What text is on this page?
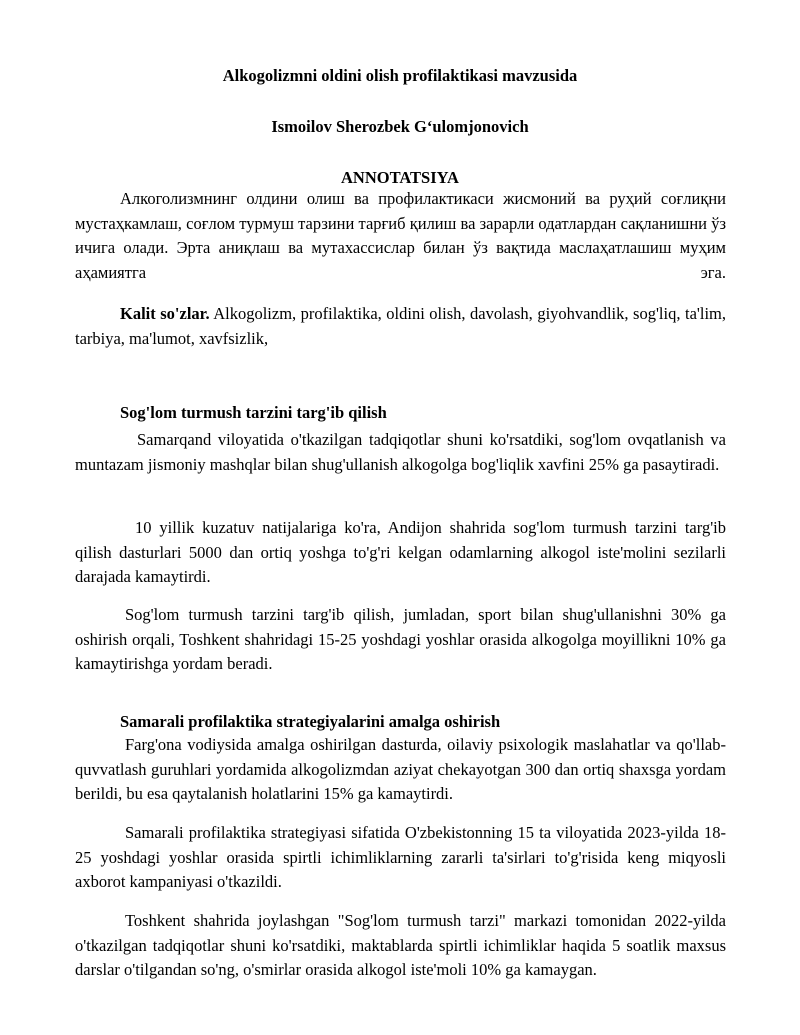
Alkogolizmni oldini olish profilaktikasi mavzusida
Ismoilov Sherozbek G‘ulomjonovich
ANNOTATSIYA

Алкоголизмнинг олдини олиш ва профилактикаси жисмоний ва руҳий соғлиқни мустаҳкамлаш, соғлом турмуш тарзини тарғиб қилиш ва зарарли одатлардан сақланишни ўз ичига олади. Эрта аниқлаш ва мутахассислар билан ўз вақтида маслаҳатлашиш муҳим аҳамиятга эга.

Kalit so'zlar. Alkogolizm, profilaktika, oldini olish, davolash, giyohvandlik, sog'liq, ta'lim, tarbiya, ma'lumot, xavfsizlik,

Sog'lom turmush tarzini targ'ib qilish

Samarqand viloyatida o'tkazilgan tadqiqotlar shuni ko'rsatdiki, sog'lom ovqatlanish va muntazam jismoniy mashqlar bilan shug'ullanish alkogolga bog'liqlik xavfini 25% ga pasaytiradi.

10 yillik kuzatuv natijalariga ko'ra, Andijon shahrida sog'lom turmush tarzini targ'ib qilish dasturlari 5000 dan ortiq yoshga to'g'ri kelgan odamlarning alkogol iste'molini sezilarli darajada kamaytirdi.

Sog'lom turmush tarzini targ'ib qilish, jumladan, sport bilan shug'ullanishni 30% ga oshirish orqali, Toshkent shahridagi 15-25 yoshdagi yoshlar orasida alkogolga moyillikni 10% ga kamaytirishga yordam beradi.

Samarali profilaktika strategiyalarini amalga oshirish

Farg'ona vodiysida amalga oshirilgan dasturda, oilaviy psixologik maslahatlar va qo'llab-quvvatlash guruhlari yordamida alkogolizmdan aziyat chekayotgan 300 dan ortiq shaxsga yordam berildi, bu esa qaytalanish holatlarini 15% ga kamaytirdi.

Samarali profilaktika strategiyasi sifatida O'zbekistonning 15 ta viloyatida 2023-yilda 18-25 yoshdagi yoshlar orasida spirtli ichimliklarning zararli ta'sirlari to'g'risida keng miqyosli axborot kampaniyasi o'tkazildi.

Toshkent shahrida joylashgan "Sog'lom turmush tarzi" markazi tomonidan 2022-yilda o'tkazilgan tadqiqotlar shuni ko'rsatdiki, maktablarda spirtli ichimliklar haqida 5 soatlik maxsus darslar o'tilgandan so'ng, o'smirlar orasida alkogol iste'moli 10% ga kamaygan.
